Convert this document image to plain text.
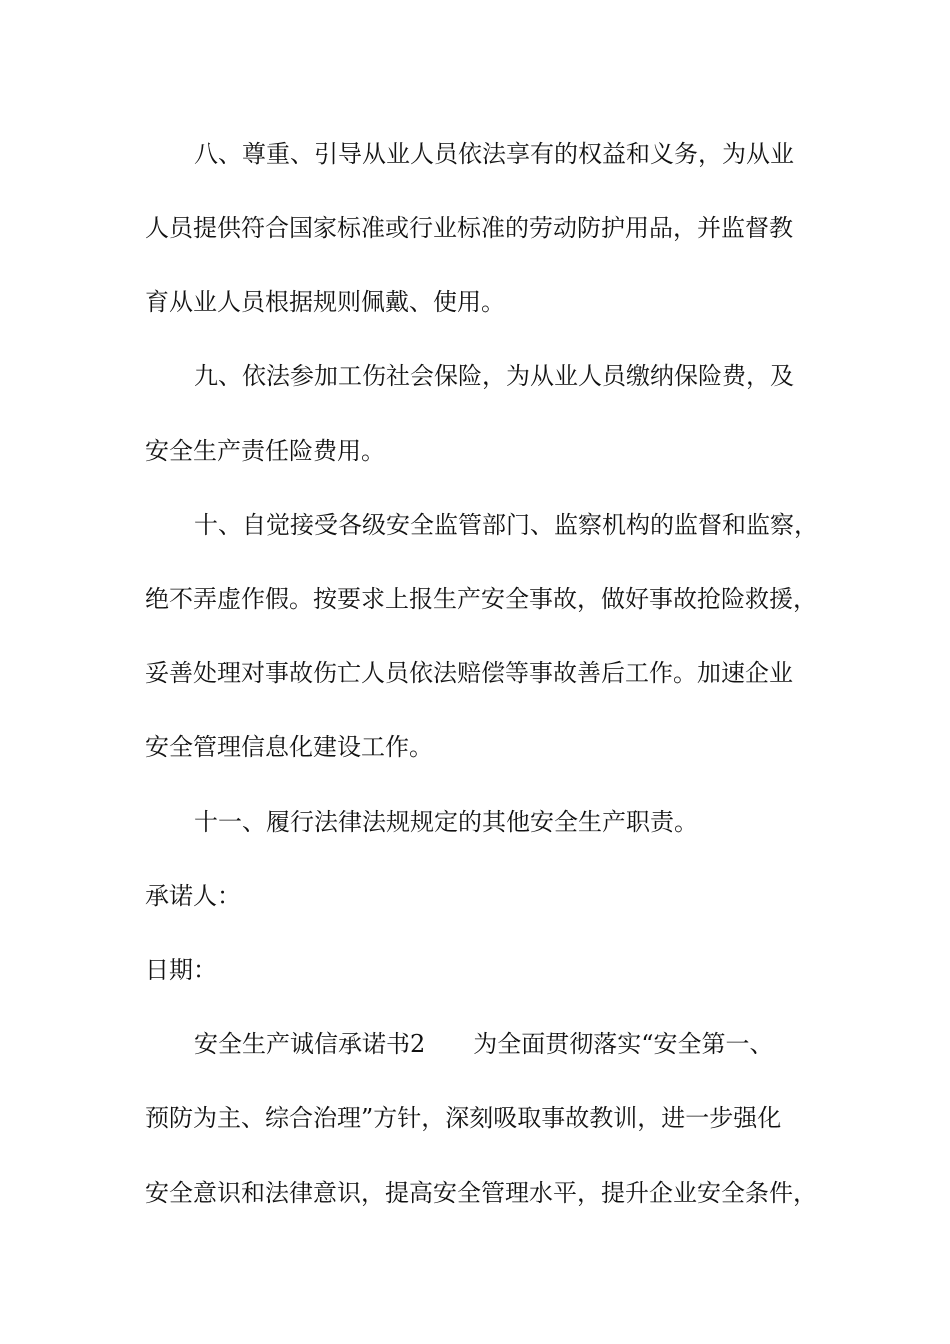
八、尊重、引导从业人员依法享有的权益和义务，为从业

人员提供符合国家标准或行业标准的劳动防护用品，并监督教

育从业人员根据规则佩戴、使用。

九、依法参加工伤社会保险，为从业人员缴纳保险费，及

安全生产责任险费用。

十、自觉接受各级安全监管部门、监察机构的监督和监察，

绝不弄虚作假。按要求上报生产安全事故，做好事故抢险救援，

妥善处理对事故伤亡人员依法赔偿等事故善后工作。加速企业

安全管理信息化建设工作。

十一、履行法律法规规定的其他安全生产职责。

承诺人：

日期：

安全生产诚信承诺书2　　为全面贯彻落实“安全第一、

预防为主、综合治理”方针，深刻吸取事故教训，进一步强化

安全意识和法律意识，提高安全管理水平，提升企业安全条件，
